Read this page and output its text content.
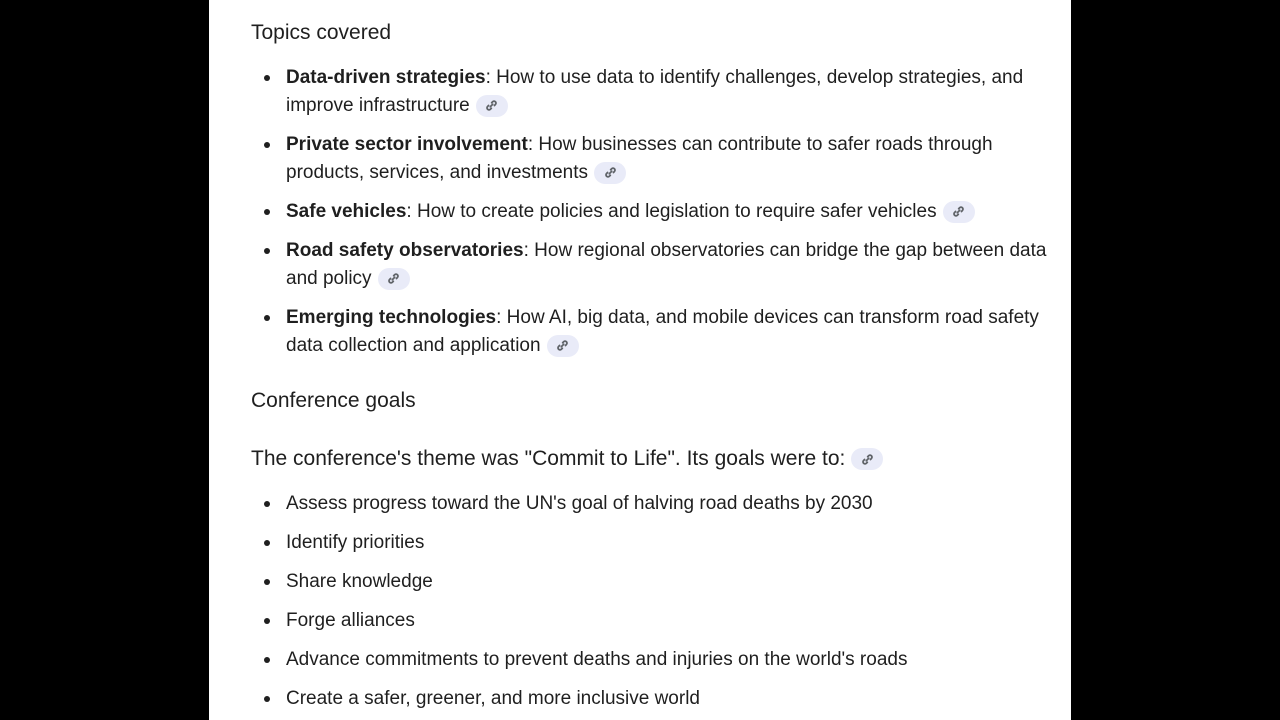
Topics covered
Data-driven strategies: How to use data to identify challenges, develop strategies, and improve infrastructure
Private sector involvement: How businesses can contribute to safer roads through products, services, and investments
Safe vehicles: How to create policies and legislation to require safer vehicles
Road safety observatories: How regional observatories can bridge the gap between data and policy
Emerging technologies: How AI, big data, and mobile devices can transform road safety data collection and application
Conference goals
The conference's theme was "Commit to Life". Its goals were to:
Assess progress toward the UN's goal of halving road deaths by 2030
Identify priorities
Share knowledge
Forge alliances
Advance commitments to prevent deaths and injuries on the world's roads
Create a safer, greener, and more inclusive world
